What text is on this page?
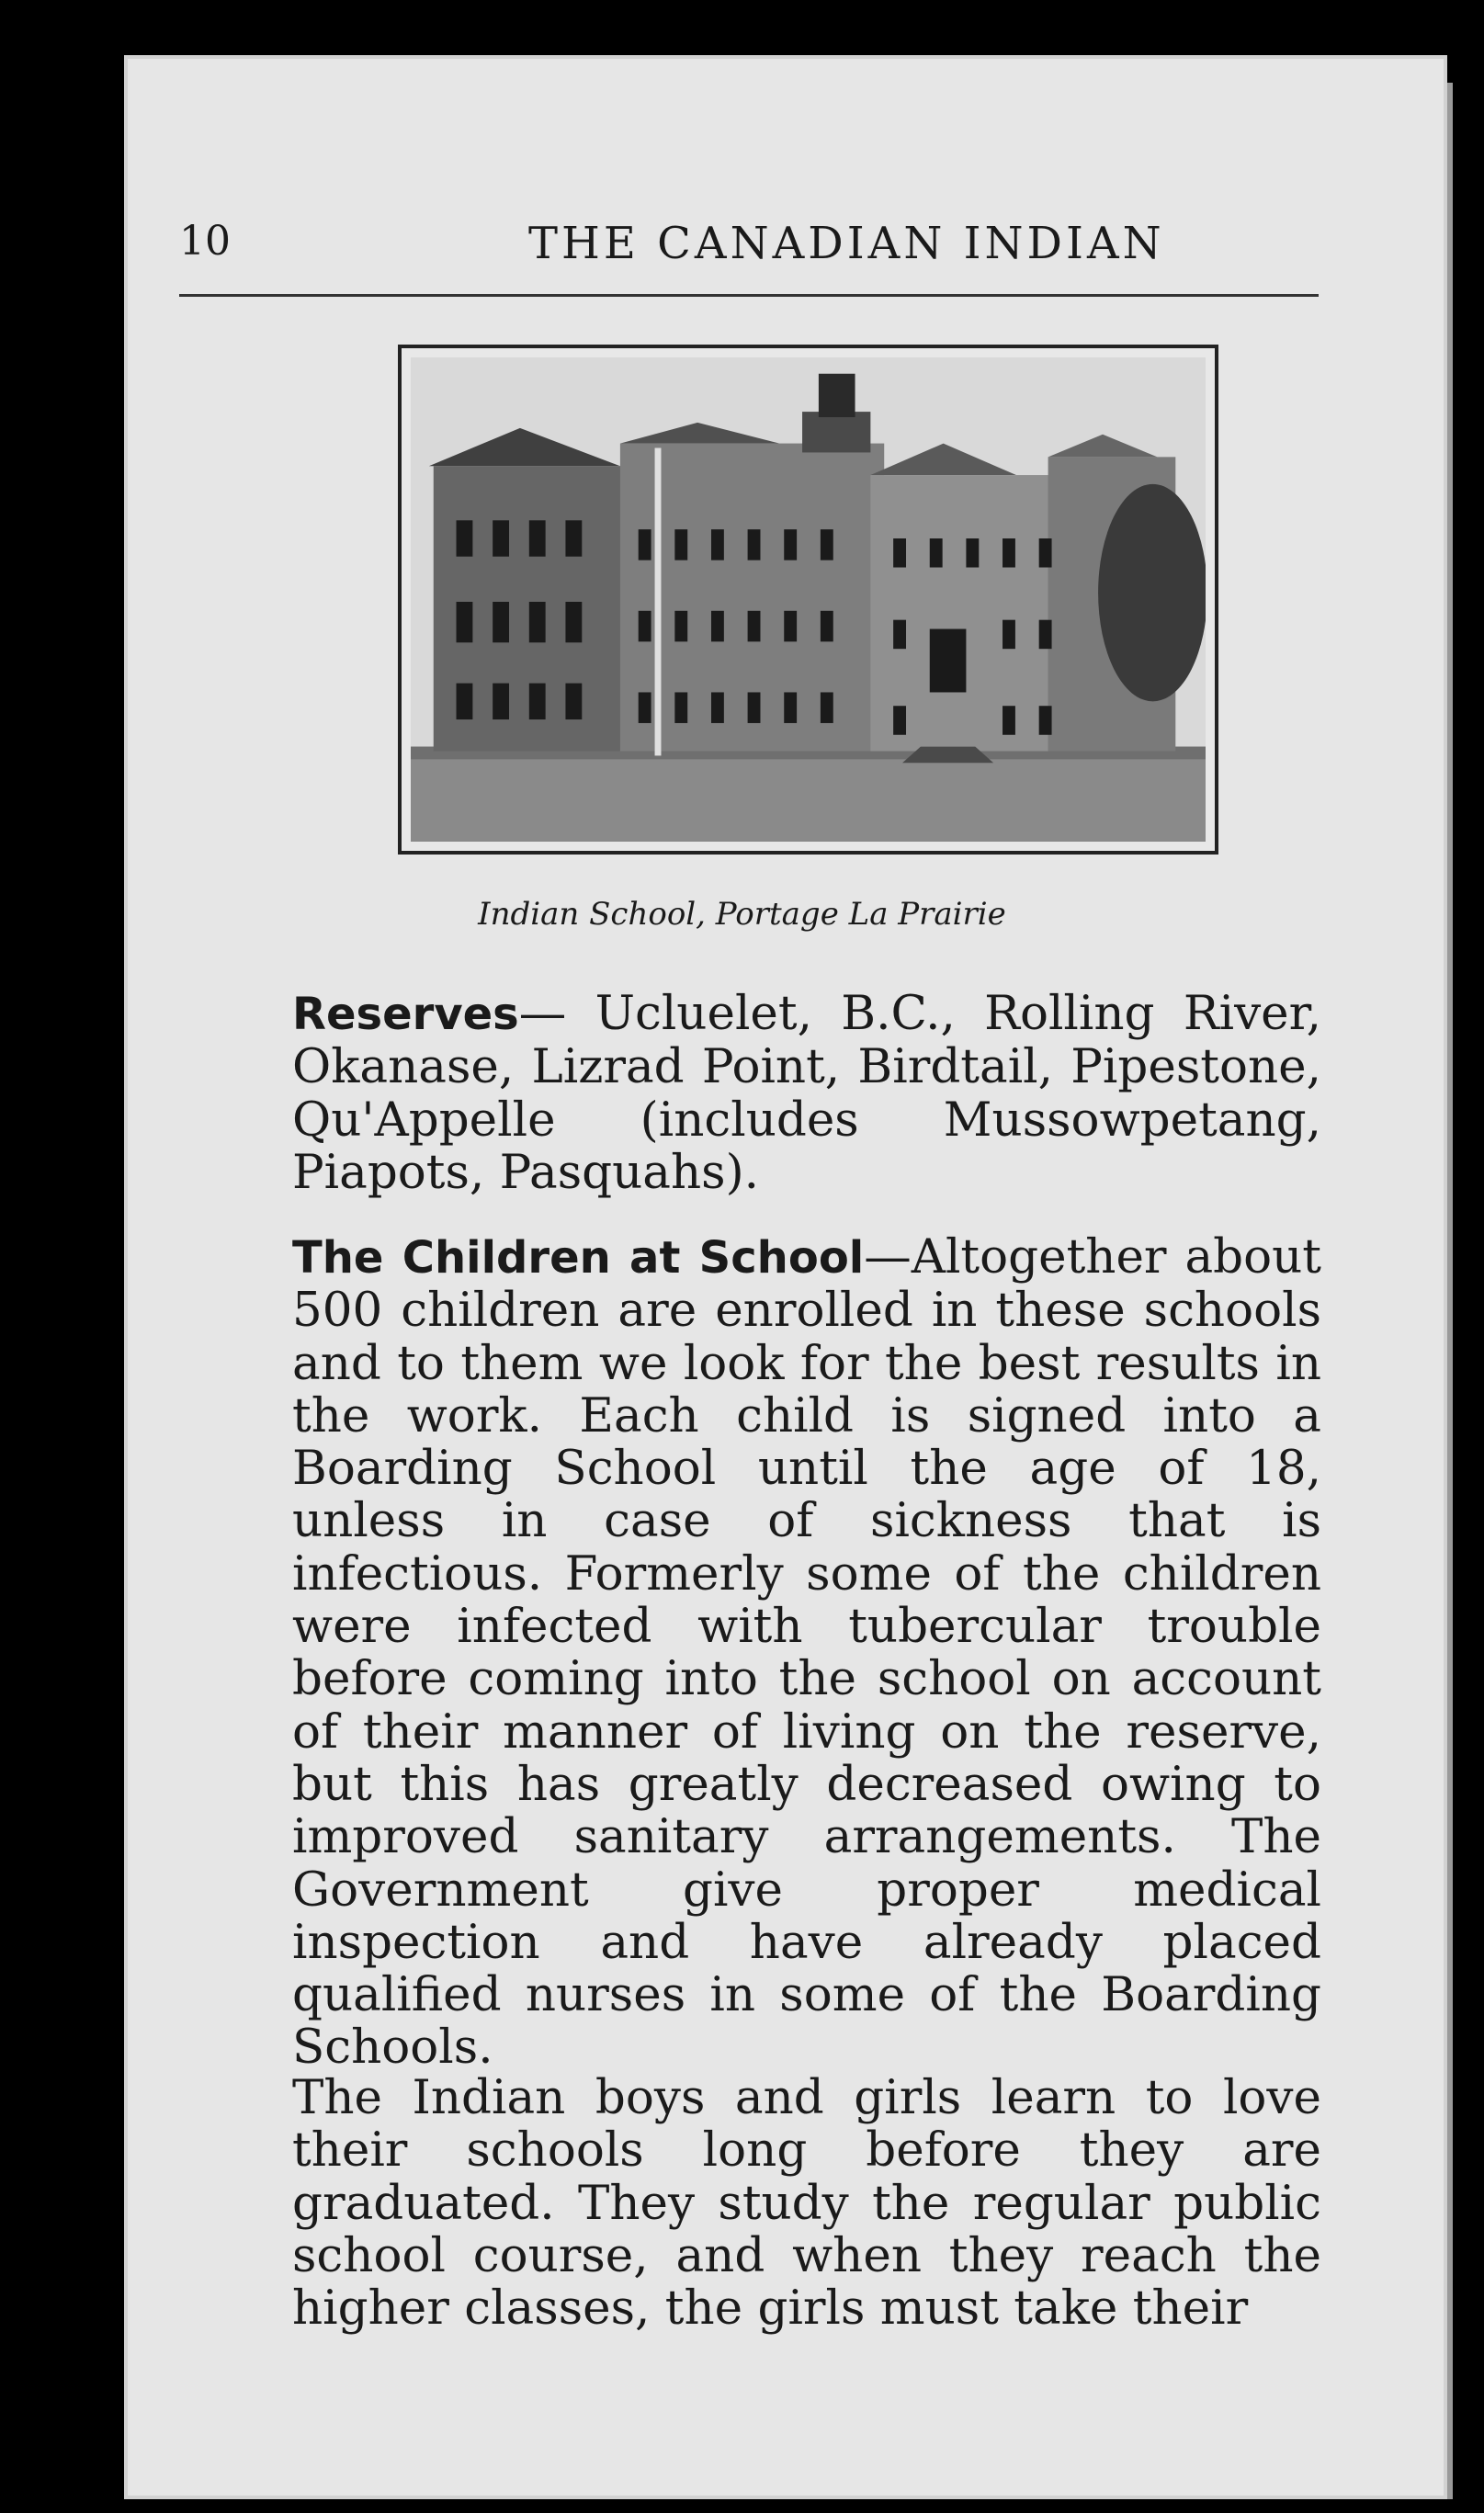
10	THE CANADIAN INDIAN
Indian School, Portage La Prairie

Reserves— Ucluelet, B.C., Rolling River, Okanase, Lizrad Point, Birdtail, Pipestone, Qu'Appelle (includes Mussowpetang, Piapots, Pasquahs).

The Children at School—Altogether about 500 children are enrolled in these schools and to them we look for the best results in the work. Each child is signed into a Boarding School until the age of 18, unless in case of sickness that is infectious. Formerly some of the children were infected with tubercular trouble before coming into the school on account of their manner of living on the reserve, but this has greatly decreased owing to improved sanitary arrangements. The Government give proper medical inspection and have already placed qualified nurses in some of the Boarding Schools.

The Indian boys and girls learn to love their schools long before they are graduated. They study the regular public school course, and when they reach the higher classes, the girls must take their
